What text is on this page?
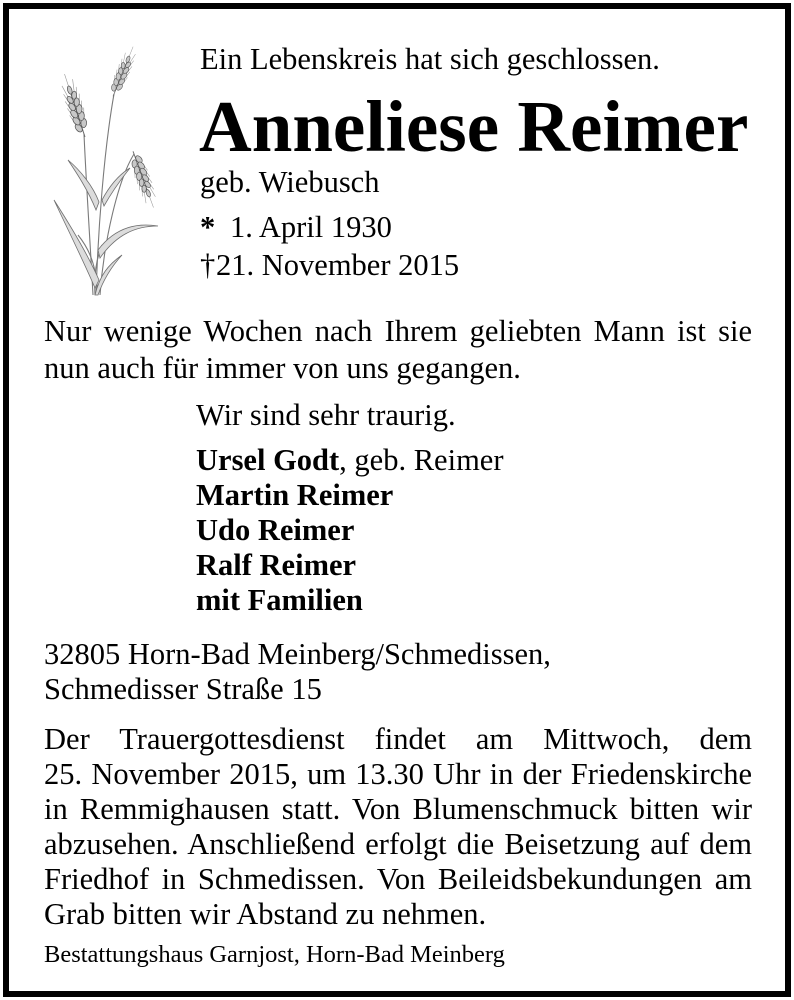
Ein Lebenskreis hat sich geschlossen.
Anneliese Reimer
geb. Wiebusch
* 1. April 1930
†21. November 2015
Nur wenige Wochen nach Ihrem geliebten Mann ist sie
nun auch für immer von uns gegangen.
Wir sind sehr traurig.
Ursel Godt, geb. Reimer
Martin Reimer
Udo Reimer
Ralf Reimer
mit Familien
32805 Horn-Bad Meinberg/Schmedissen,
Schmedisser Straße 15
Der Trauergottesdienst findet am Mittwoch, dem
25. November 2015, um 13.30 Uhr in der Friedenskirche
in Remmighausen statt. Von Blumenschmuck bitten wir
abzusehen. Anschließend erfolgt die Beisetzung auf dem
Friedhof in Schmedissen. Von Beileidsbekundungen am
Grab bitten wir Abstand zu nehmen.
Bestattungshaus Garnjost, Horn-Bad Meinberg
